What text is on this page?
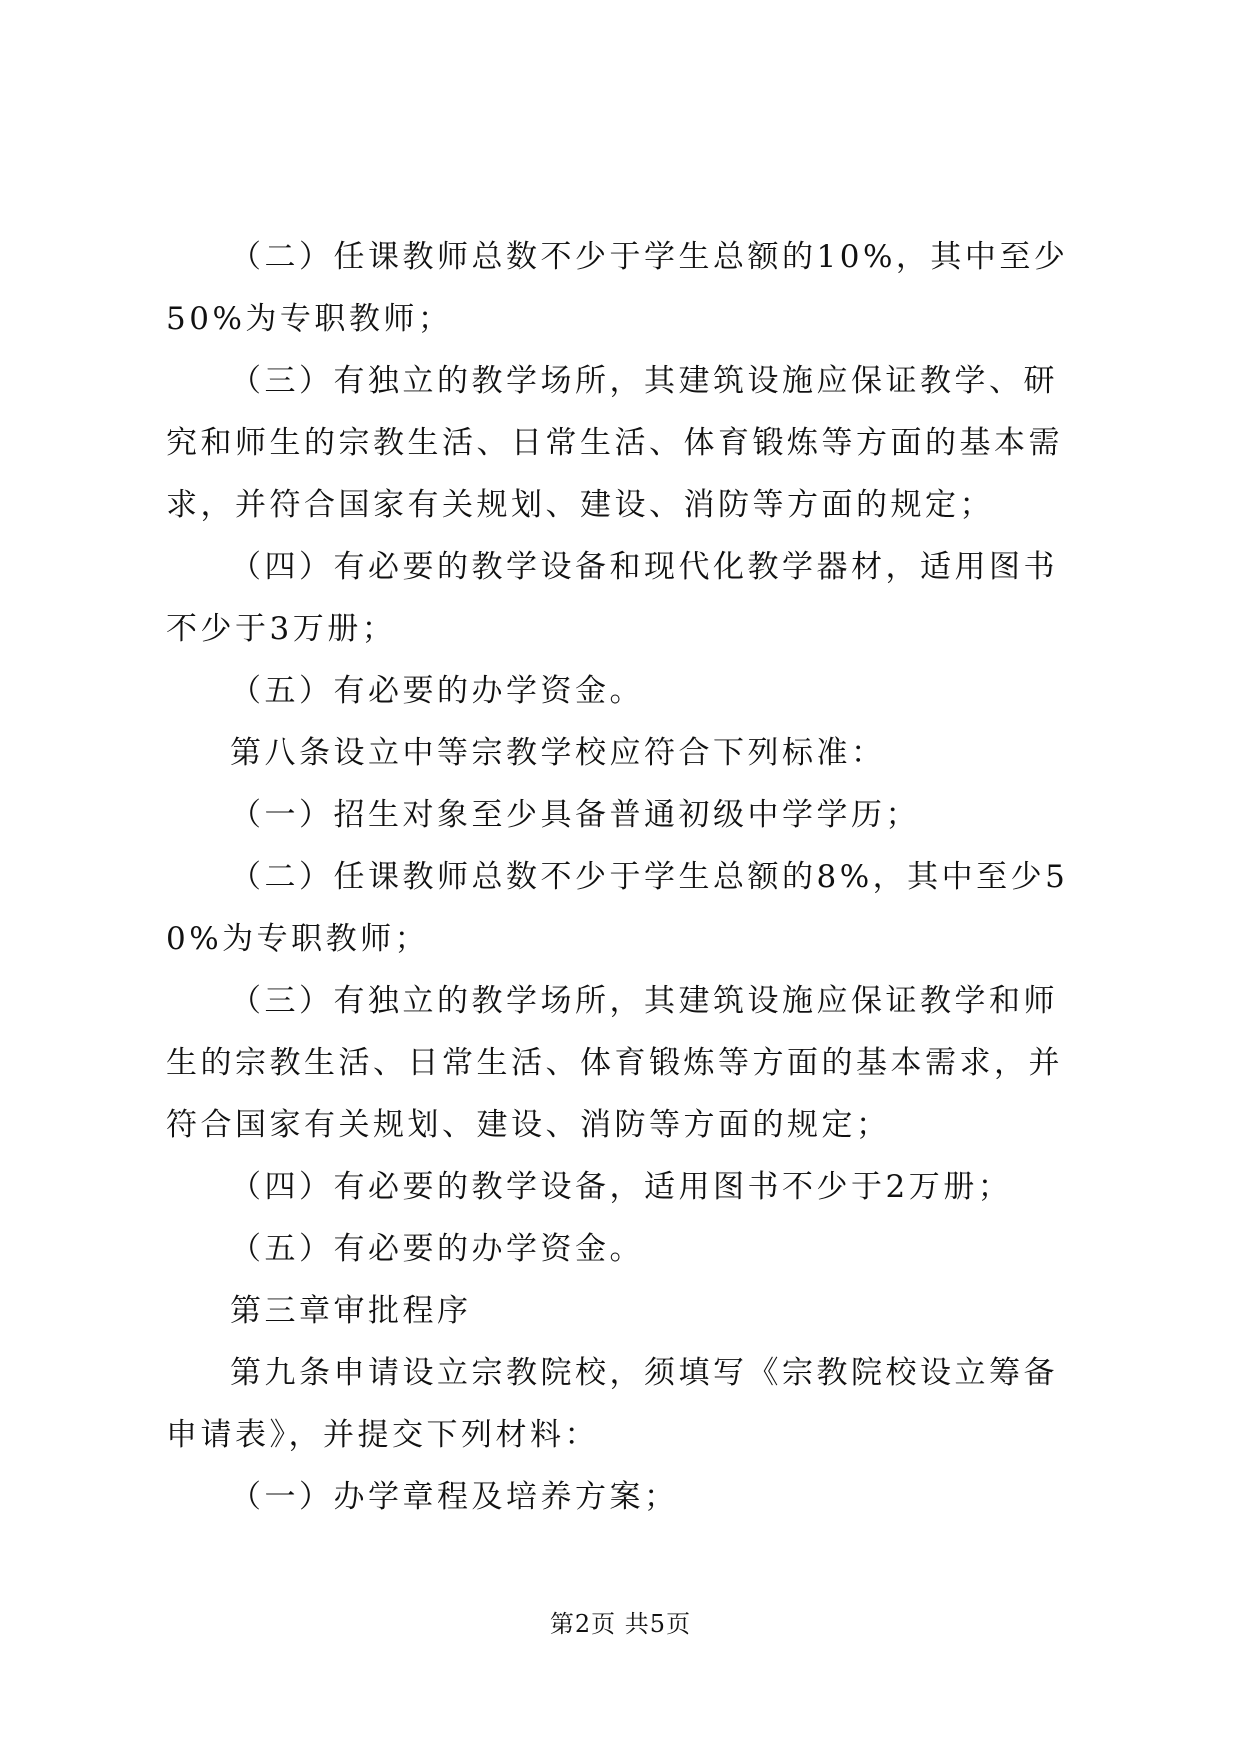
（二）任课教师总数不少于学生总额的10%，其中至少50%为专职教师；

（三）有独立的教学场所，其建筑设施应保证教学、研究和师生的宗教生活、日常生活、体育锻炼等方面的基本需求，并符合国家有关规划、建设、消防等方面的规定；

（四）有必要的教学设备和现代化教学器材，适用图书不少于3万册；

（五）有必要的办学资金。

第八条设立中等宗教学校应符合下列标准：

（一）招生对象至少具备普通初级中学学历；

（二）任课教师总数不少于学生总额的8%，其中至少50%为专职教师；

（三）有独立的教学场所，其建筑设施应保证教学和师生的宗教生活、日常生活、体育锻炼等方面的基本需求，并符合国家有关规划、建设、消防等方面的规定；

（四）有必要的教学设备，适用图书不少于2万册；

（五）有必要的办学资金。

第三章审批程序

第九条申请设立宗教院校，须填写《宗教院校设立筹备申请表》，并提交下列材料：

（一）办学章程及培养方案；

第2页 共5页
